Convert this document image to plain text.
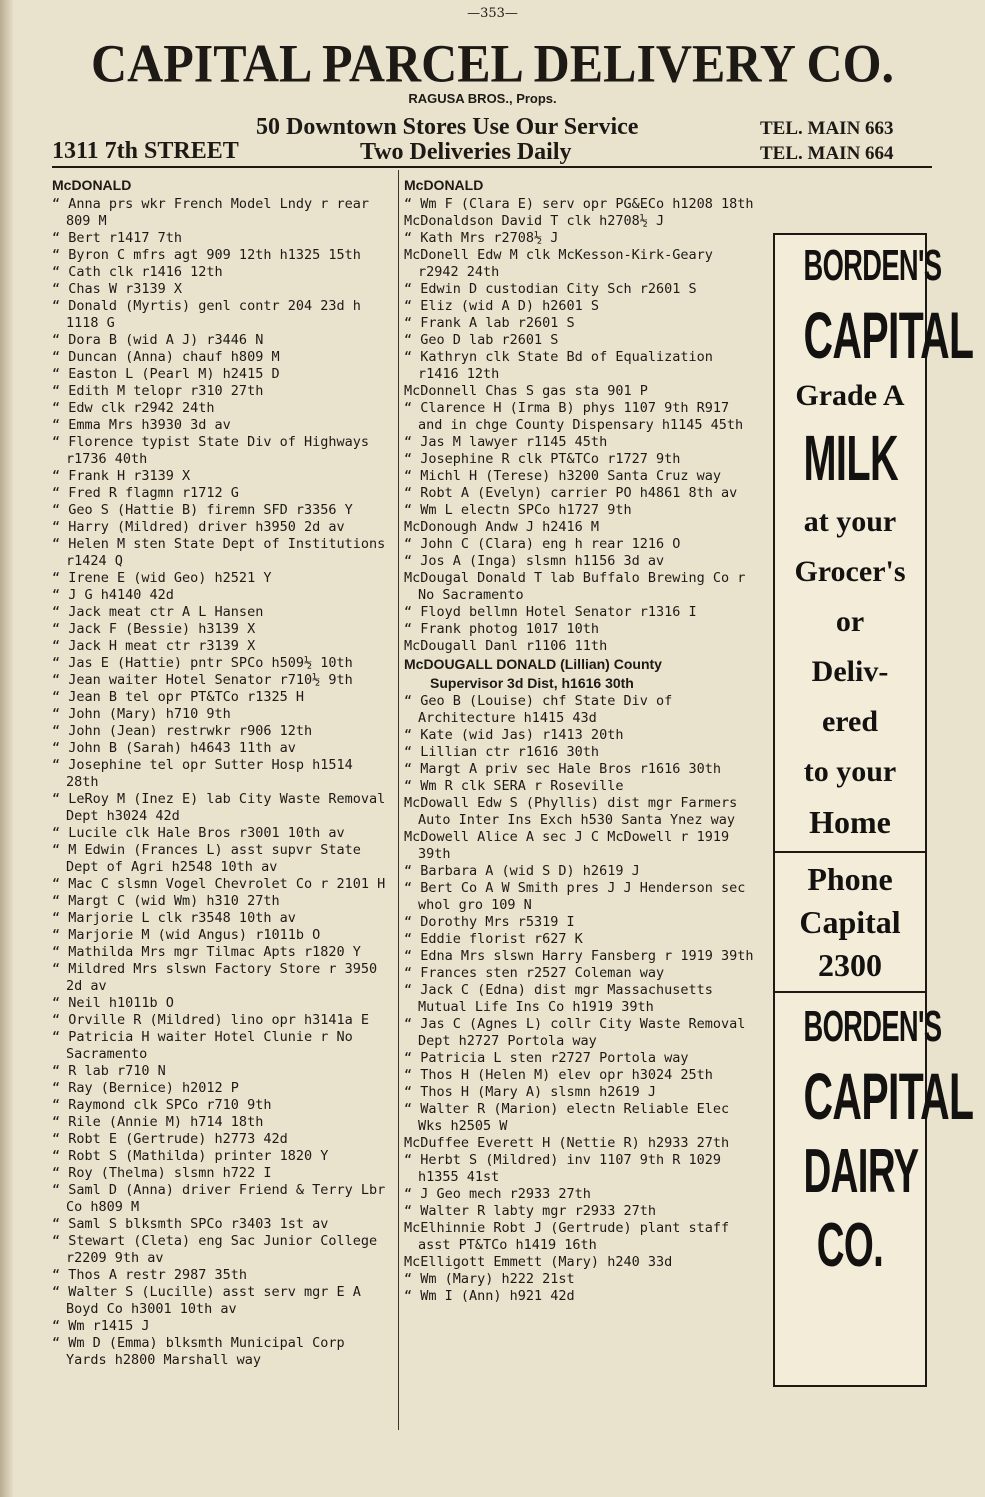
—353—
CAPITAL PARCEL DELIVERY CO.
RAGUSA BROS., Props.
50 Downtown Stores Use Our Service
Two Deliveries Daily
TEL. MAIN 663
TEL. MAIN 664
1311 7th STREET
McDONALD
“ Anna prs wkr French Model Lndy r rear 809 M
“ Bert r1417 7th
“ Byron C mfrs agt 909 12th h1325 15th
“ Cath clk r1416 12th
“ Chas W r3139 X
“ Donald (Myrtis) genl contr 204 23d h 1118 G
“ Dora B (wid A J) r3446 N
“ Duncan (Anna) chauf h809 M
“ Easton L (Pearl M) h2415 D
“ Edith M telopr r310 27th
“ Edw clk r2942 24th
“ Emma Mrs h3930 3d av
“ Florence typist State Div of Highways r1736 40th
“ Frank H r3139 X
“ Fred R flagmn r1712 G
“ Geo S (Hattie B) firemn SFD r3356 Y
“ Harry (Mildred) driver h3950 2d av
“ Helen M sten State Dept of Institutions r1424 Q
“ Irene E (wid Geo) h2521 Y
“ J G h4140 42d
“ Jack meat ctr A L Hansen
“ Jack F (Bessie) h3139 X
“ Jack H meat ctr r3139 X
“ Jas E (Hattie) pntr SPCo h509½ 10th
“ Jean waiter Hotel Senator r710½ 9th
“ Jean B tel opr PT&TCo r1325 H
“ John (Mary) h710 9th
“ John (Jean) restrwkr r906 12th
“ John B (Sarah) h4643 11th av
“ Josephine tel opr Sutter Hosp h1514 28th
“ LeRoy M (Inez E) lab City Waste Removal Dept h3024 42d
“ Lucile clk Hale Bros r3001 10th av
“ M Edwin (Frances L) asst supvr State Dept of Agri h2548 10th av
“ Mac C slsmn Vogel Chevrolet Co r 2101 H
“ Margt C (wid Wm) h310 27th
“ Marjorie L clk r3548 10th av
“ Marjorie M (wid Angus) r1011b O
“ Mathilda Mrs mgr Tilmac Apts r1820 Y
“ Mildred Mrs slswn Factory Store r 3950 2d av
“ Neil h1011b O
“ Orville R (Mildred) lino opr h3141a E
“ Patricia H waiter Hotel Clunie r No Sacramento
“ R lab r710 N
“ Ray (Bernice) h2012 P
“ Raymond clk SPCo r710 9th
“ Rile (Annie M) h714 18th
“ Robt E (Gertrude) h2773 42d
“ Robt S (Mathilda) printer 1820 Y
“ Roy (Thelma) slsmn h722 I
“ Saml D (Anna) driver Friend & Terry Lbr Co h809 M
“ Saml S blksmth SPCo r3403 1st av
“ Stewart (Cleta) eng Sac Junior College r2209 9th av
“ Thos A restr 2987 35th
“ Walter S (Lucille) asst serv mgr E A Boyd Co h3001 10th av
“ Wm r1415 J
“ Wm D (Emma) blksmth Municipal Corp Yards h2800 Marshall way
McDONALD
“ Wm F (Clara E) serv opr PG&ECo h1208 18th
McDonaldson David T clk h2708½ J
“ Kath Mrs r2708½ J
McDonell Edw M clk McKesson-Kirk-Geary r2942 24th
“ Edwin D custodian City Sch r2601 S
“ Eliz (wid A D) h2601 S
“ Frank A lab r2601 S
“ Geo D lab r2601 S
“ Kathryn clk State Bd of Equalization r1416 12th
McDonnell Chas S gas sta 901 P
“ Clarence H (Irma B) phys 1107 9th R917 and in chge County Dispensary h1145 45th
“ Jas M lawyer r1145 45th
“ Josephine R clk PT&TCo r1727 9th
“ Michl H (Terese) h3200 Santa Cruz way
“ Robt A (Evelyn) carrier PO h4861 8th av
“ Wm L electn SPCo h1727 9th
McDonough Andw J h2416 M
“ John C (Clara) eng h rear 1216 O
“ Jos A (Inga) slsmn h1156 3d av
McDougal Donald T lab Buffalo Brewing Co r No Sacramento
“ Floyd bellmn Hotel Senator r1316 I
“ Frank photog 1017 10th
McDougall Danl r1106 11th
McDOUGALL DONALD (Lillian) County
Supervisor 3d Dist, h1616 30th
“ Geo B (Louise) chf State Div of Architecture h1415 43d
“ Kate (wid Jas) r1413 20th
“ Lillian ctr r1616 30th
“ Margt A priv sec Hale Bros r1616 30th
“ Wm R clk SERA r Roseville
McDowall Edw S (Phyllis) dist mgr Farmers Auto Inter Ins Exch h530 Santa Ynez way
McDowell Alice A sec J C McDowell r 1919 39th
“ Barbara A (wid S D) h2619 J
“ Bert Co A W Smith pres J J Henderson sec whol gro 109 N
“ Dorothy Mrs r5319 I
“ Eddie florist r627 K
“ Edna Mrs slswn Harry Fansberg r 1919 39th
“ Frances sten r2527 Coleman way
“ Jack C (Edna) dist mgr Massachusetts Mutual Life Ins Co h1919 39th
“ Jas C (Agnes L) collr City Waste Removal Dept h2727 Portola way
“ Patricia L sten r2727 Portola way
“ Thos H (Helen M) elev opr h3024 25th
“ Thos H (Mary A) slsmn h2619 J
“ Walter R (Marion) electn Reliable Elec Wks h2505 W
McDuffee Everett H (Nettie R) h2933 27th
“ Herbt S (Mildred) inv 1107 9th R 1029 h1355 41st
“ J Geo mech r2933 27th
“ Walter R labty mgr r2933 27th
McElhinnie Robt J (Gertrude) plant staff asst PT&TCo h1419 16th
McElligott Emmett (Mary) h240 33d
“ Wm (Mary) h222 21st
“ Wm I (Ann) h921 42d
BORDEN'S
CAPITAL
Grade A
MILK
at your
Grocer's
or
Deliv-
ered
to your
Home
Phone
Capital
2300
BORDEN'S
CAPITAL
DAIRY
CO.
